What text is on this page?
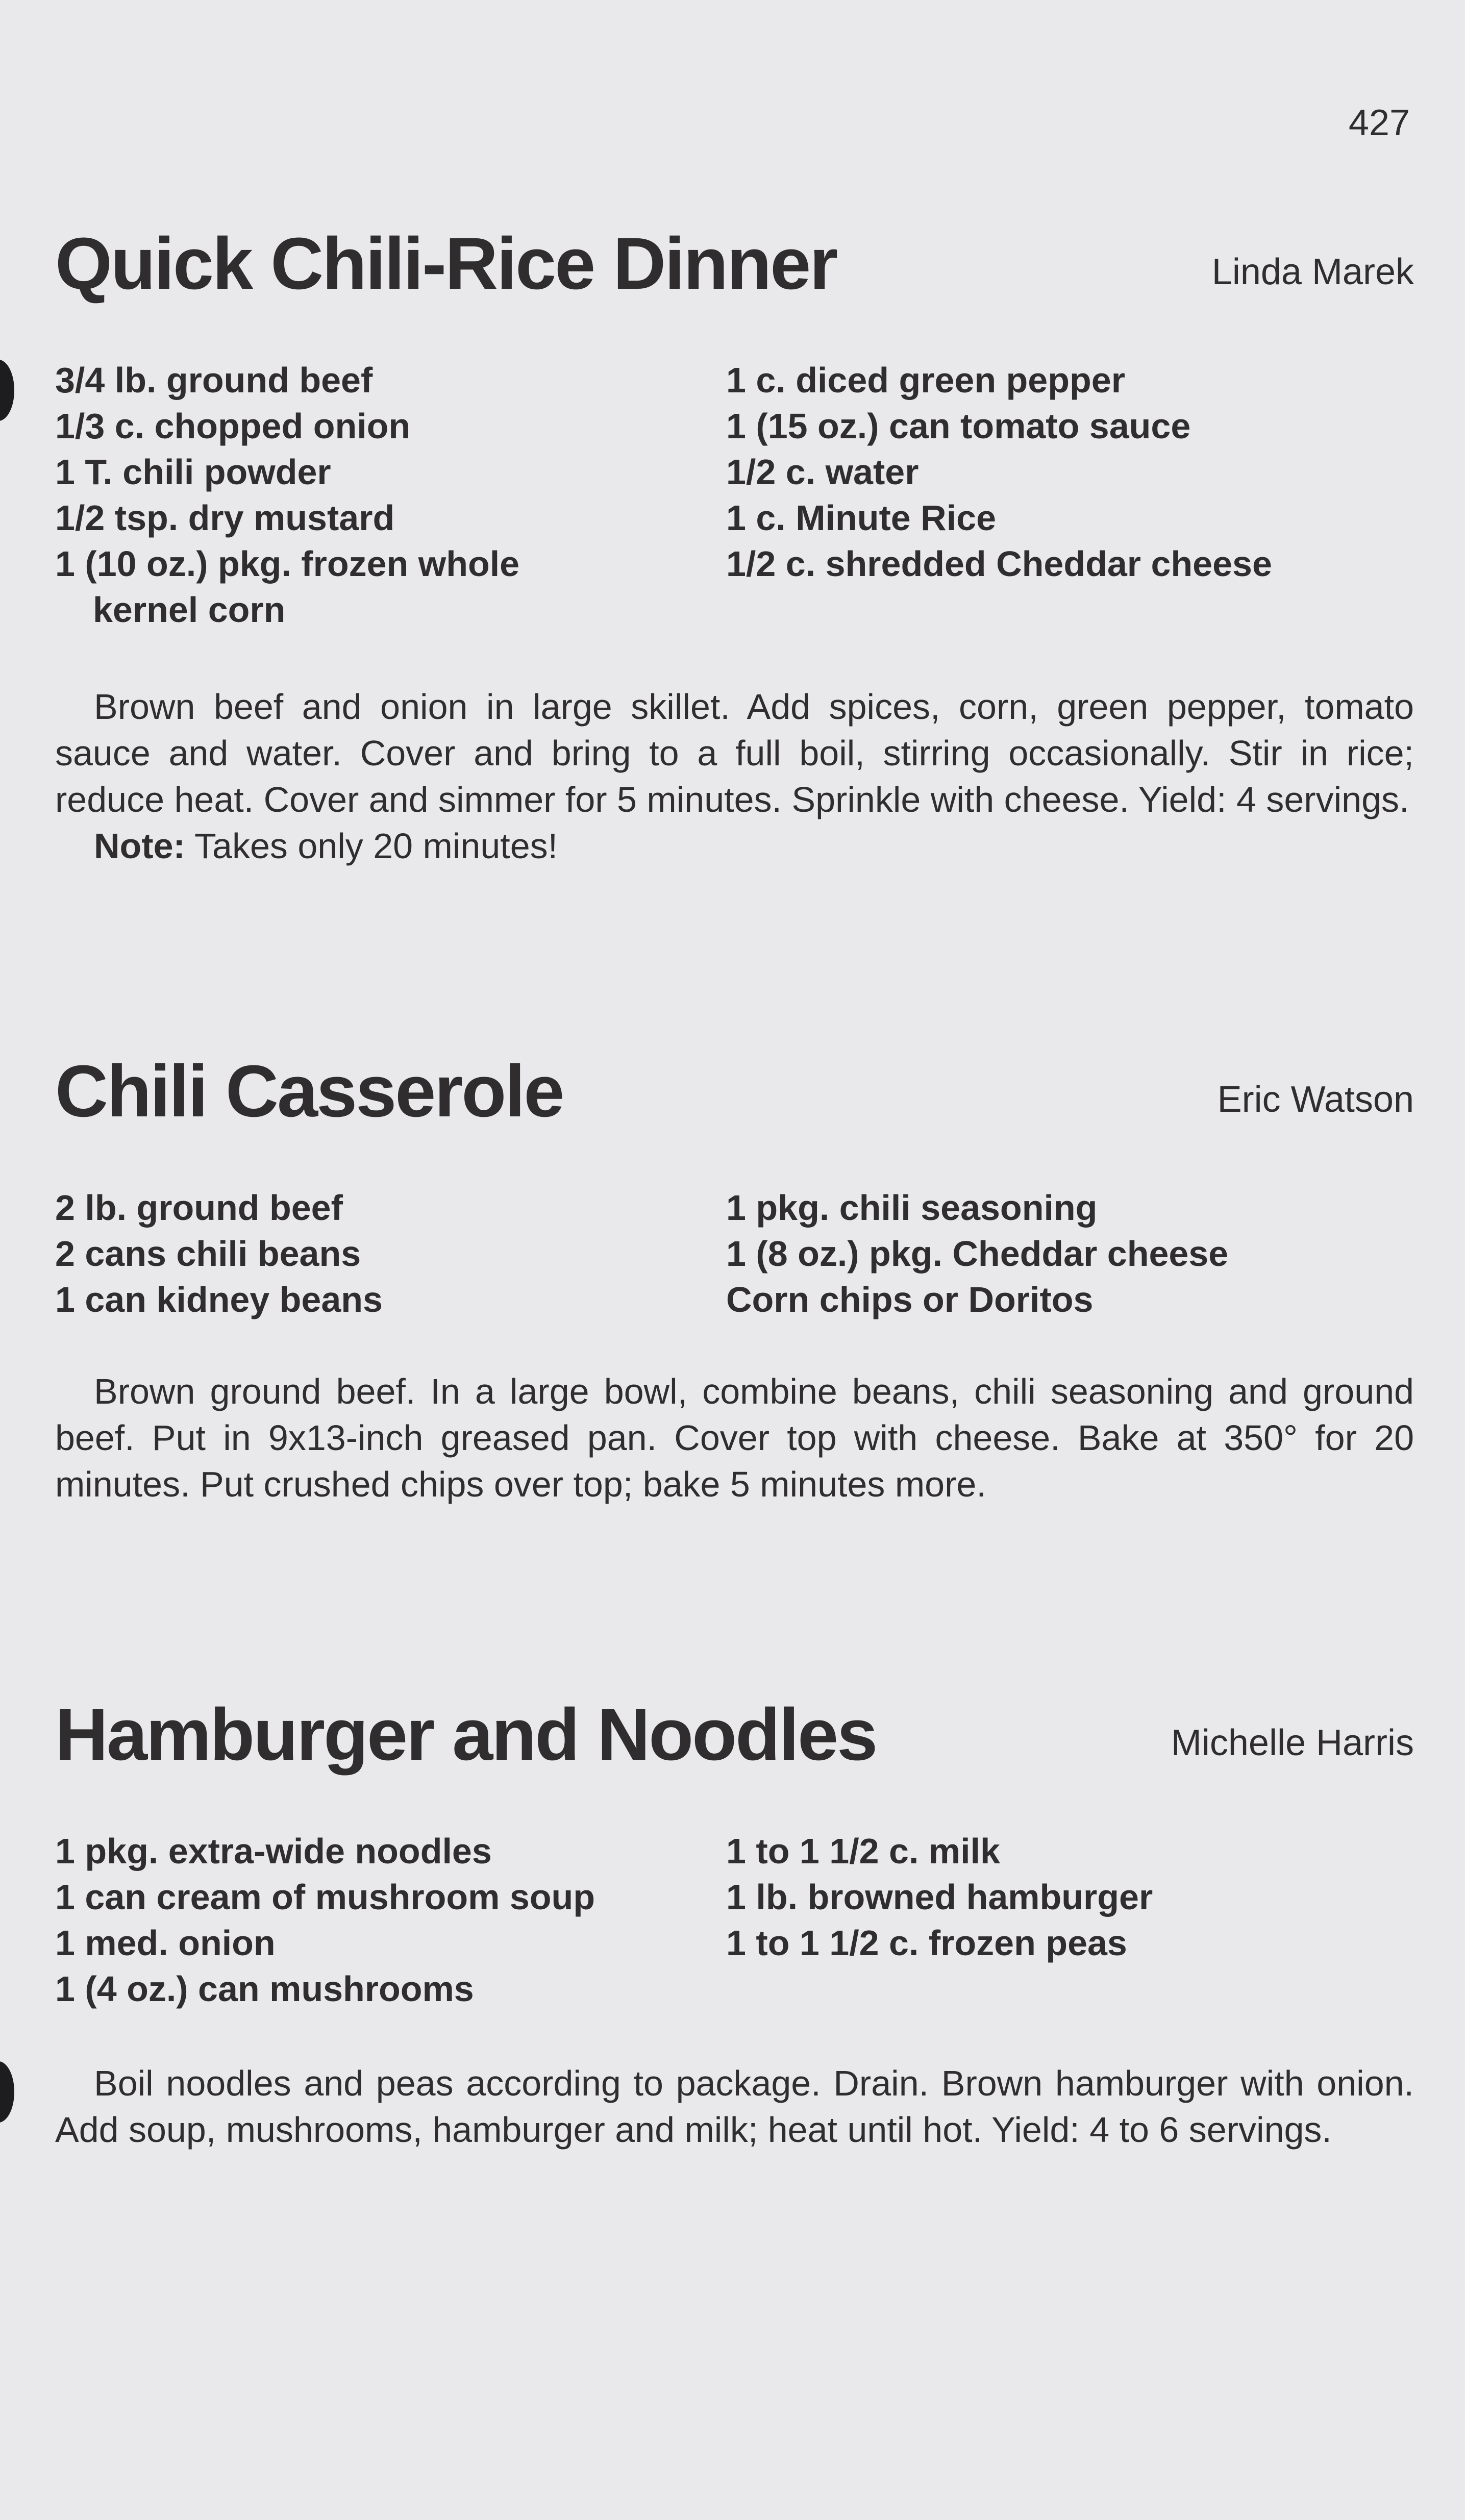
427
Quick Chili-Rice Dinner	Linda Marek
3/4 lb. ground beef
1/3 c. chopped onion
1 T. chili powder
1/2 tsp. dry mustard
1 (10 oz.) pkg. frozen whole
kernel corn
1 c. diced green pepper
1 (15 oz.) can tomato sauce
1/2 c. water
1 c. Minute Rice
1/2 c. shredded Cheddar cheese

Brown beef and onion in large skillet. Add spices, corn, green pepper, tomato sauce and water. Cover and bring to a full boil, stirring occasionally. Stir in rice; reduce heat. Cover and simmer for 5 minutes. Sprinkle with cheese. Yield: 4 servings.

Note: Takes only 20 minutes!

Chili Casserole	Eric Watson
2 lb. ground beef
2 cans chili beans
1 can kidney beans
1 pkg. chili seasoning
1 (8 oz.) pkg. Cheddar cheese
Corn chips or Doritos

Brown ground beef. In a large bowl, combine beans, chili seasoning and ground beef. Put in 9x13-inch greased pan. Cover top with cheese. Bake at 350° for 20 minutes. Put crushed chips over top; bake 5 minutes more.

Hamburger and Noodles	Michelle Harris
1 pkg. extra-wide noodles
1 can cream of mushroom soup
1 med. onion
1 (4 oz.) can mushrooms
1 to 1 1/2 c. milk
1 lb. browned hamburger
1 to 1 1/2 c. frozen peas

Boil noodles and peas according to package. Drain. Brown hamburger with onion. Add soup, mushrooms, hamburger and milk; heat until hot. Yield: 4 to 6 servings.
